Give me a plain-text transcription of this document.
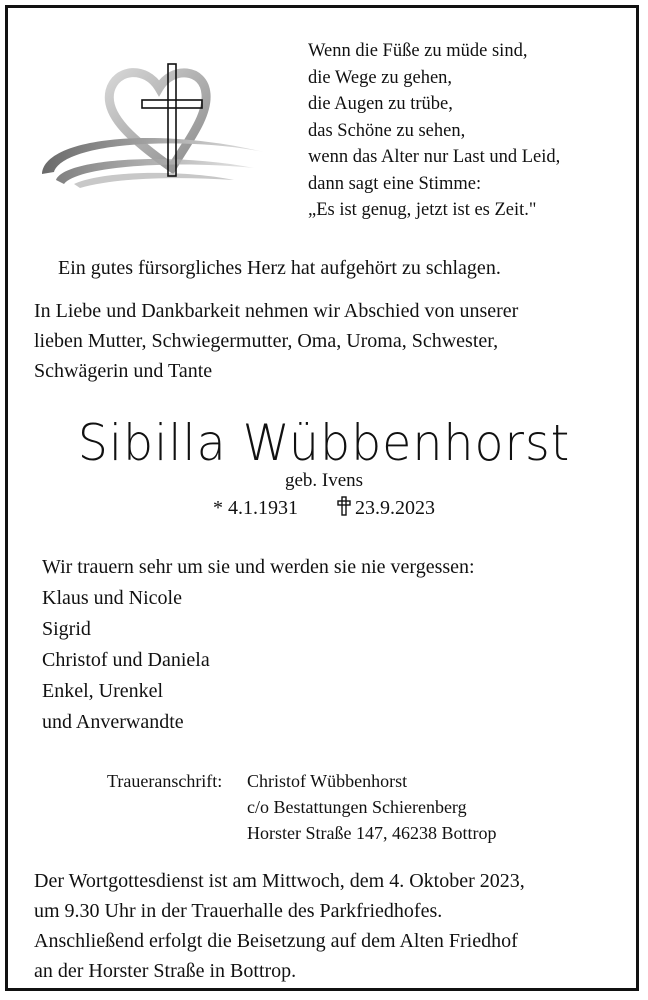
Wenn die Füße zu müde sind,
die Wege zu gehen,
die Augen zu trübe,
das Schöne zu sehen,
wenn das Alter nur Last und Leid,
dann sagt eine Stimme:
„Es ist genug, jetzt ist es Zeit."
Ein gutes fürsorgliches Herz hat aufgehört zu schlagen.
In Liebe und Dankbarkeit nehmen wir Abschied von unserer
lieben Mutter, Schwiegermutter, Oma, Uroma, Schwester,
Schwägerin und Tante
Sibilla Wübbenhorst
geb. Ivens
* 4.1.1931	23.9.2023
Wir trauern sehr um sie und werden sie nie vergessen:
Klaus und Nicole
Sigrid
Christof und Daniela
Enkel, Urenkel
und Anverwandte
Traueranschrift:	Christof Wübbenhorst
c/o Bestattungen Schierenberg
Horster Straße 147, 46238 Bottrop
Der Wortgottesdienst ist am Mittwoch, dem 4. Oktober 2023,
um 9.30 Uhr in der Trauerhalle des Parkfriedhofes.
Anschließend erfolgt die Beisetzung auf dem Alten Friedhof
an der Horster Straße in Bottrop.
